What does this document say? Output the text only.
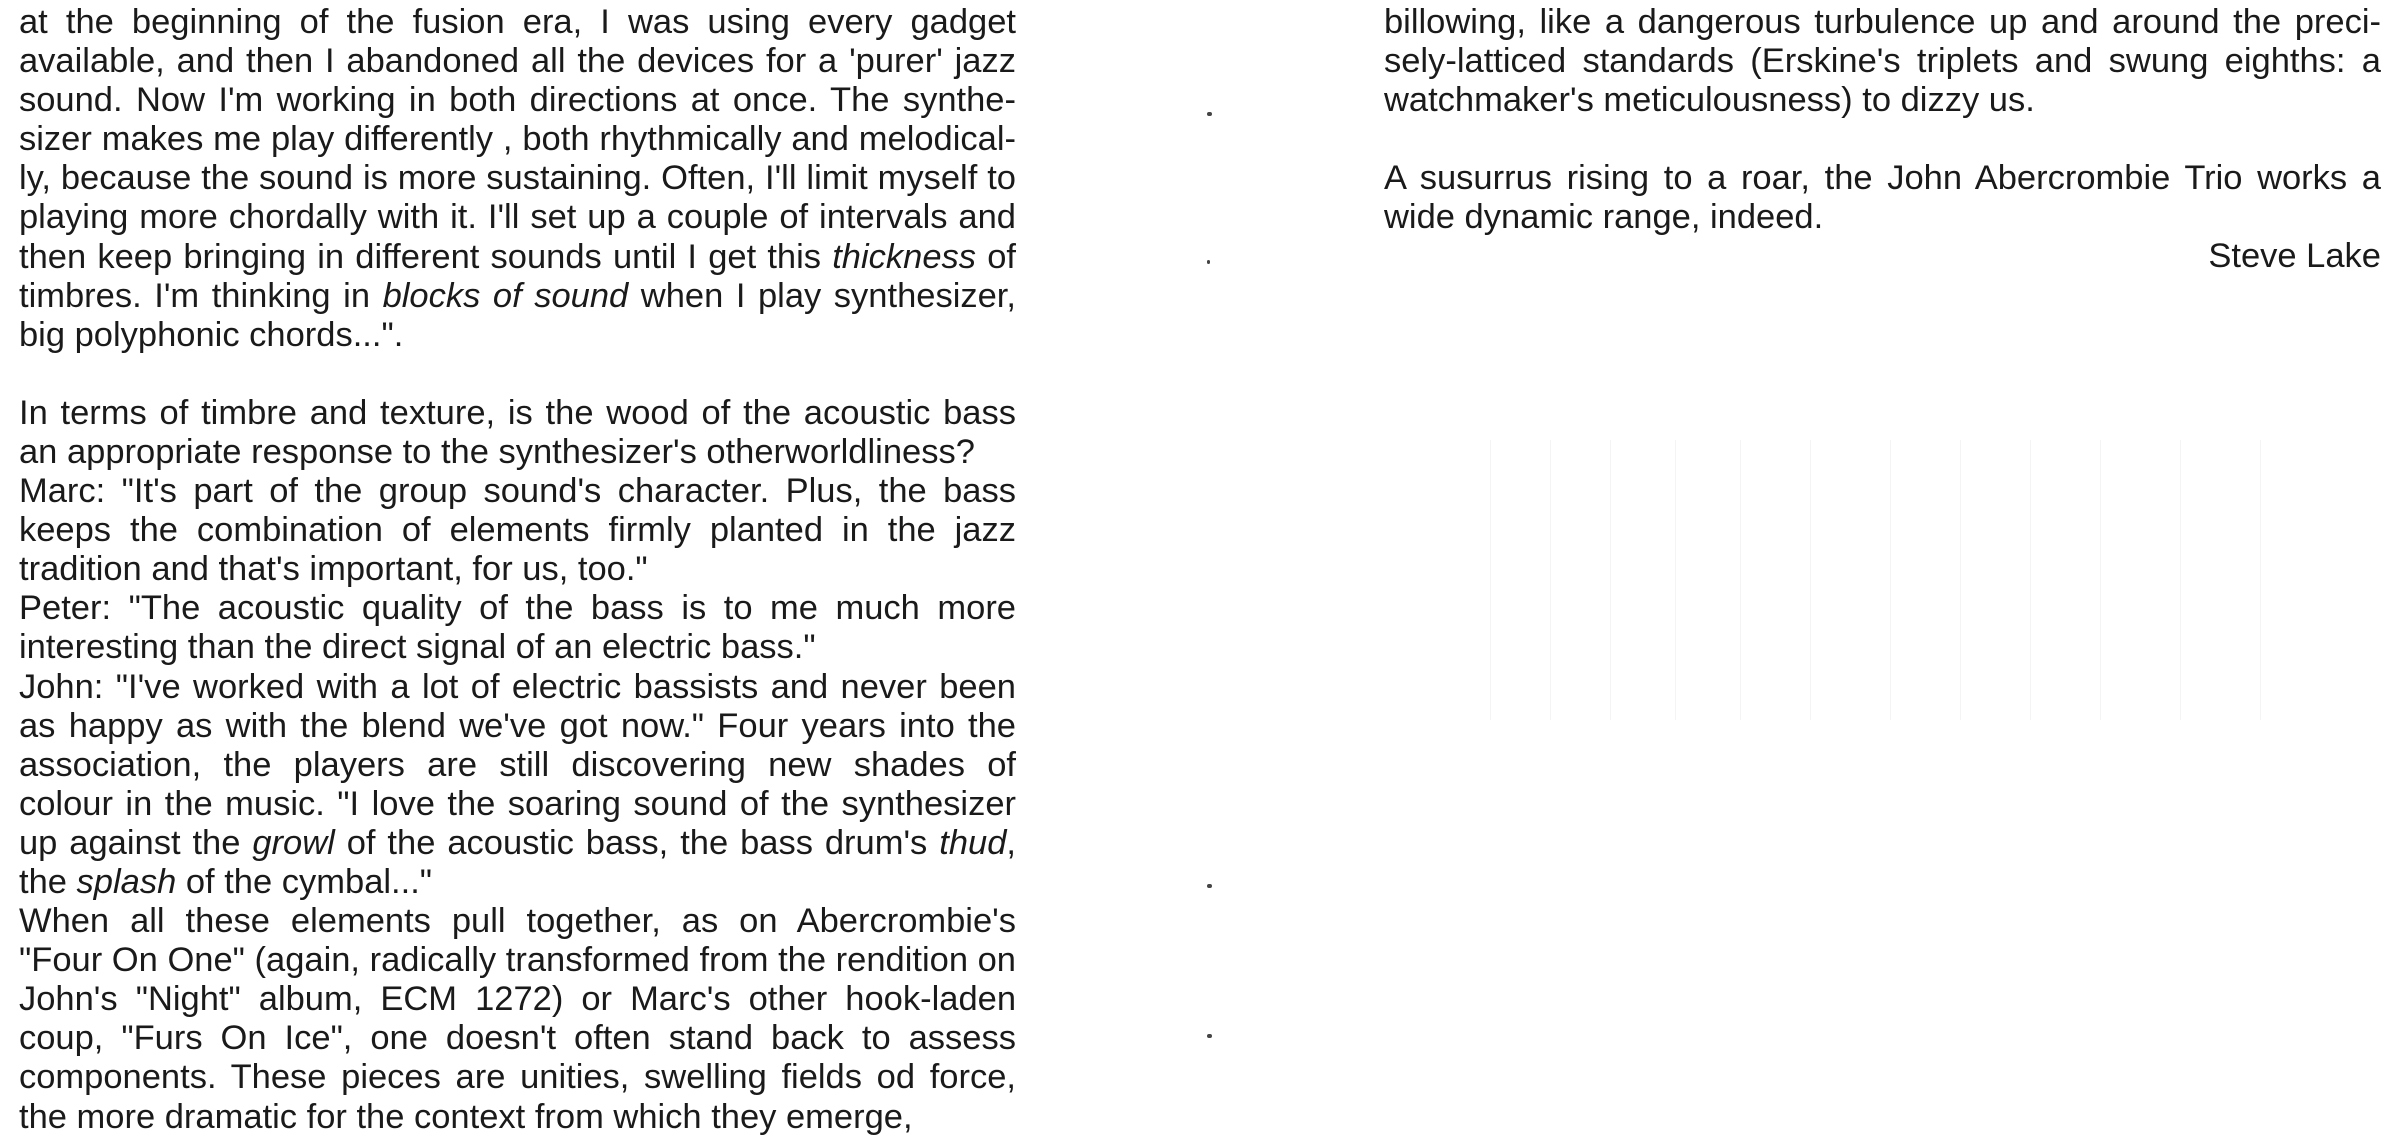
at the beginning of the fusion era, I was using every gadget available, and then I abandoned all the devices for a 'purer' jazz sound. Now I'm working in both directions at once. The synthesizer makes me play differently , both rhythmically and melodically, because the sound is more sustaining. Often, I'll limit myself to playing more chordally with it. I'll set up a couple of intervals and then keep bringing in different sounds until I get this thickness of timbres. I'm thinking in blocks of sound when I play synthesizer, big polyphonic chords...".

In terms of timbre and texture, is the wood of the acoustic bass an appropriate response to the synthesizer's otherworldliness?

Marc: "It's part of the group sound's character. Plus, the bass keeps the combination of elements firmly planted in the jazz tradition and that's important, for us, too."

Peter: "The acoustic quality of the bass is to me much more interesting than the direct signal of an electric bass."

John: "I've worked with a lot of electric bassists and never been as happy as with the blend we've got now." Four years into the association, the players are still discovering new shades of colour in the music. "I love the soaring sound of the synthesizer up against the growl of the acoustic bass, the bass drum's thud, the splash of the cymbal..."

When all these elements pull together, as on Abercrombie's "Four On One" (again, radically transformed from the rendition on John's "Night" album, ECM 1272) or Marc's other hook-laden coup, "Furs On Ice", one doesn't often stand back to assess components. These pieces are unities, swelling fields od force, the more dramatic for the context from which they emerge,

billowing, like a dangerous turbulence up and around the precisely-latticed standards (Erskine's triplets and swung eighths: a watchmaker's meticulousness) to dizzy us.

A susurrus rising to a roar, the John Abercrombie Trio works a wide dynamic range, indeed.

Steve Lake
